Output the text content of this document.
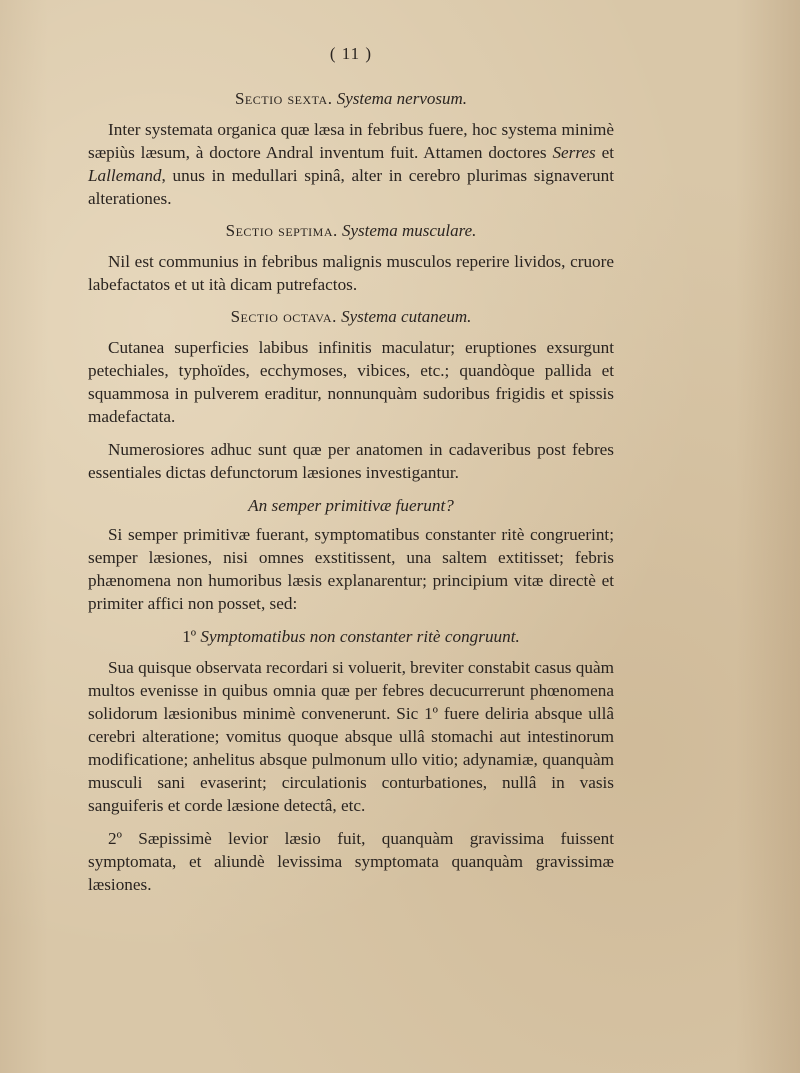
( 11 )
Sectio sexta. Systema nervosum.

Inter systemata organica quæ læsa in febribus fuere, hoc systema minimè sæpiùs læsum, à doctore Andral inventum fuit. Attamen doctores Serres et Lallemand, unus in medullari spinâ, alter in cerebro plurimas signaverunt alterationes.

Sectio septima. Systema musculare.

Nil est communius in febribus malignis musculos reperire lividos, cruore labefactatos et ut ità dicam putrefactos.

Sectio octava. Systema cutaneum.

Cutanea superficies labibus infinitis maculatur; eruptiones exsurgunt petechiales, typhoïdes, ecchymoses, vibices, etc.; quandòque pallida et squammosa in pulverem eraditur, nonnunquàm sudoribus frigidis et spissis madefactata.

Numerosiores adhuc sunt quæ per anatomen in cadaveribus post febres essentiales dictas defunctorum læsiones investigantur.

An semper primitivæ fuerunt?

Si semper primitivæ fuerant, symptomatibus constanter ritè congruerint; semper læsiones, nisi omnes exstitissent, una saltem extitisset; febris phænomena non humoribus læsis explanarentur; principium vitæ directè et primiter affici non posset, sed:

1º Symptomatibus non constanter ritè congruunt.

Sua quisque observata recordari si voluerit, breviter constabit casus quàm multos evenisse in quibus omnia quæ per febres decucurrerunt phœnomena solidorum læsionibus minimè convenerunt. Sic 1º fuere deliria absque ullâ cerebri alteratione; vomitus quoque absque ullâ stomachi aut intestinorum modificatione; anhelitus absque pulmonum ullo vitio; adynamiæ, quanquàm musculi sani evaserint; circulationis conturbationes, nullâ in vasis sanguiferis et corde læsione detectâ, etc.

2º Sæpissimè levior læsio fuit, quanquàm gravissima fuissent symptomata, et aliundè levissima symptomata quanquàm gravissimæ læsiones.
